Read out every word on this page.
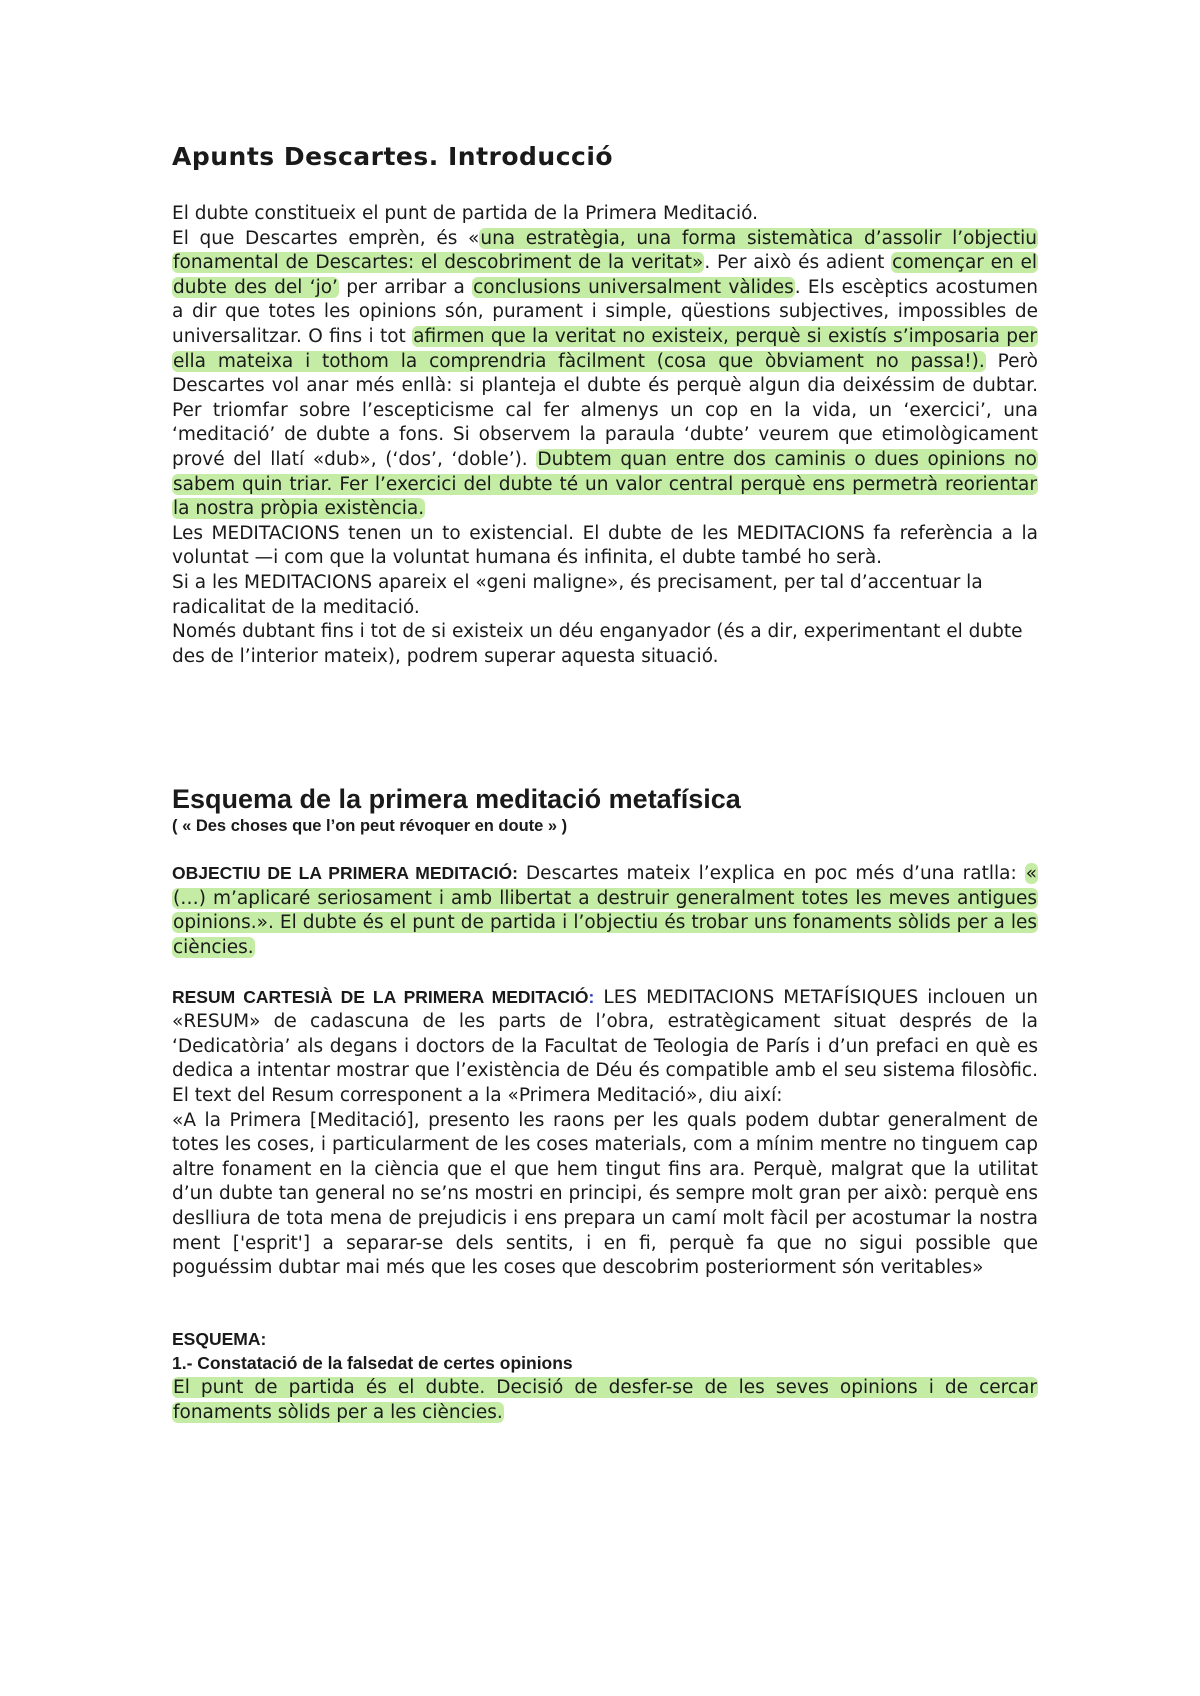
Apunts Descartes. Introducció

El dubte constitueix el punt de partida de la Primera Meditació.

El que Descartes emprèn, és «una estratègia, una forma sistemàtica d’assolir l’objectiu fonamental de Descartes: el descobriment de la veritat». Per això és adient començar en el dubte des del ‘jo’ per arribar a conclusions universalment vàlides. Els escèptics acostumen a dir que totes les opinions són, purament i simple, qüestions subjectives, impossibles de universalitzar. O fins i tot afirmen que la veritat no existeix, perquè si existís s’imposaria per ella mateixa i tothom la comprendria fàcilment (cosa que òbviament no passa!). Però Descartes vol anar més enllà: si planteja el dubte és perquè algun dia deixéssim de dubtar. Per triomfar sobre l’escepticisme cal fer almenys un cop en la vida, un ‘exercici’, una ‘meditació’ de dubte a fons. Si observem la paraula ‘dubte’ veurem que etimològicament prové del llatí «dub», (‘dos’, ‘doble’). Dubtem quan entre dos caminis o dues opinions no sabem quin triar. Fer l’exercici del dubte té un valor central perquè ens permetrà reorientar la nostra pròpia existència.

Les MEDITACIONS tenen un to existencial. El dubte de les MEDITACIONS fa referència a la voluntat —i com que la voluntat humana és infinita, el dubte també ho serà.

Si a les MEDITACIONS apareix el «geni maligne», és precisament, per tal d’accentuar la radicalitat de la meditació.

Només dubtant fins i tot de si existeix un déu enganyador (és a dir, experimentant el dubte des de l’interior mateix), podrem superar aquesta situació.

Esquema de la primera meditació metafísica
( « Des choses que l’on peut révoquer en doute » )

OBJECTIU DE LA PRIMERA MEDITACIÓ: Descartes mateix l’explica en poc més d’una ratlla: « (…) m’aplicaré seriosament i amb llibertat a destruir generalment totes les meves antigues opinions.». El dubte és el punt de partida i l’objectiu és trobar uns fonaments sòlids per a les ciències.

RESUM CARTESIÀ DE LA PRIMERA MEDITACIÓ: LES MEDITACIONS METAFÍSIQUES inclouen un «RESUM» de cadascuna de les parts de l’obra, estratègicament situat després de la ‘Dedicatòria’ als degans i doctors de la Facultat de Teologia de París i d’un prefaci en què es dedica a intentar mostrar que l’existència de Déu és compatible amb el seu sistema filosòfic. El text del Resum corresponent a la «Primera Meditació», diu així:

«A la Primera [Meditació], presento les raons per les quals podem dubtar generalment de totes les coses, i particularment de les coses materials, com a mínim mentre no tinguem cap altre fonament en la ciència que el que hem tingut fins ara. Perquè, malgrat que la utilitat d’un dubte tan general no se’ns mostri en principi, és sempre molt gran per això: perquè ens deslliura de tota mena de prejudicis i ens prepara un camí molt fàcil per acostumar la nostra ment ['esprit'] a separar-se dels sentits, i en fi, perquè fa que no sigui possible que poguéssim dubtar mai més que les coses que descobrim posteriorment són veritables»

ESQUEMA:

1.- Constatació de la falsedat de certes opinions

El punt de partida és el dubte. Decisió de desfer-se de les seves opinions i de cercar fonaments sòlids per a les ciències.
